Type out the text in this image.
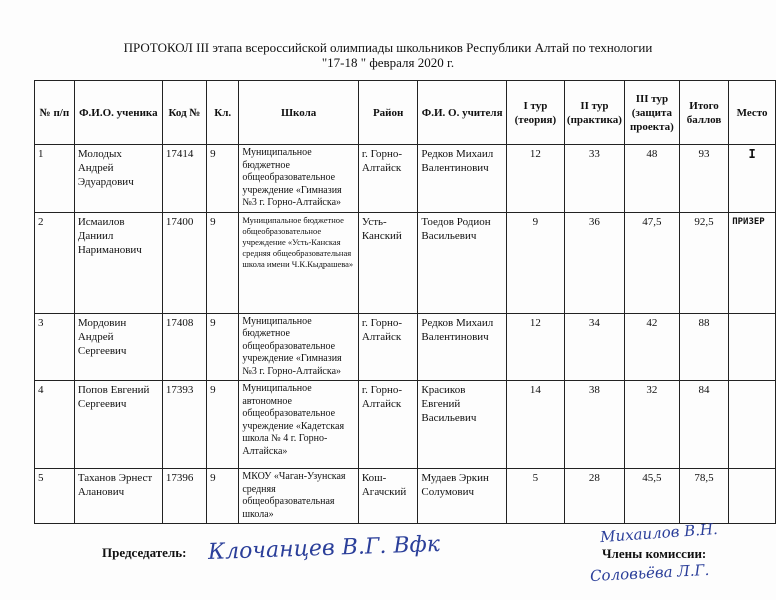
ПРОТОКОЛ III этапа всероссийской олимпиады школьников Республики Алтай по технологии
"17-18 " февраля 2020 г.
№ п/п	Ф.И.О. ученика	Код №	Кл.	Школа	Район	Ф.И. О. учителя	I тур (теория)	II тур (практика)	III тур (защита проекта)	Итого баллов	Место
1	Молодых Андрей Эдуардович	17414	9	Муниципальное бюджетное общеобразовательное учреждение «Гимназия №3 г. Горно-Алтайска»	г. Горно-Алтайск	Редков Михаил Валентинович	12	33	48	93	I
2	Исмаилов Даниил Нариманович	17400	9	Муниципальное бюджетное общеобразовательное учреждение «Усть-Канская средняя общеобразовательная школа имени Ч.К.Кыдрашева»	Усть-Канский	Тоедов Родион Васильевич	9	36	47,5	92,5	ПРИЗЕР
3	Мордовин Андрей Сергеевич	17408	9	Муниципальное бюджетное общеобразовательное учреждение «Гимназия №3 г. Горно-Алтайска»	г. Горно-Алтайск	Редков Михаил Валентинович	12	34	42	88	
4	Попов Евгений Сергеевич	17393	9	Муниципальное автономное общеобразовательное учреждение «Кадетская школа № 4 г. Горно-Алтайска»	г. Горно-Алтайск	Красиков Евгений Васильевич	14	38	32	84	
5	Таханов Эрнест Аланович	17396	9	МКОУ «Чаган-Узунская средняя общеобразовательная школа»	Кош-Агачский	Мудаев Эркин Солумович	5	28	45,5	78,5	
Председатель: Клочанцев В.Г. Вфк	Члены комиссии:
Михаилов В.Н.
Соловьёва Л.Г.
